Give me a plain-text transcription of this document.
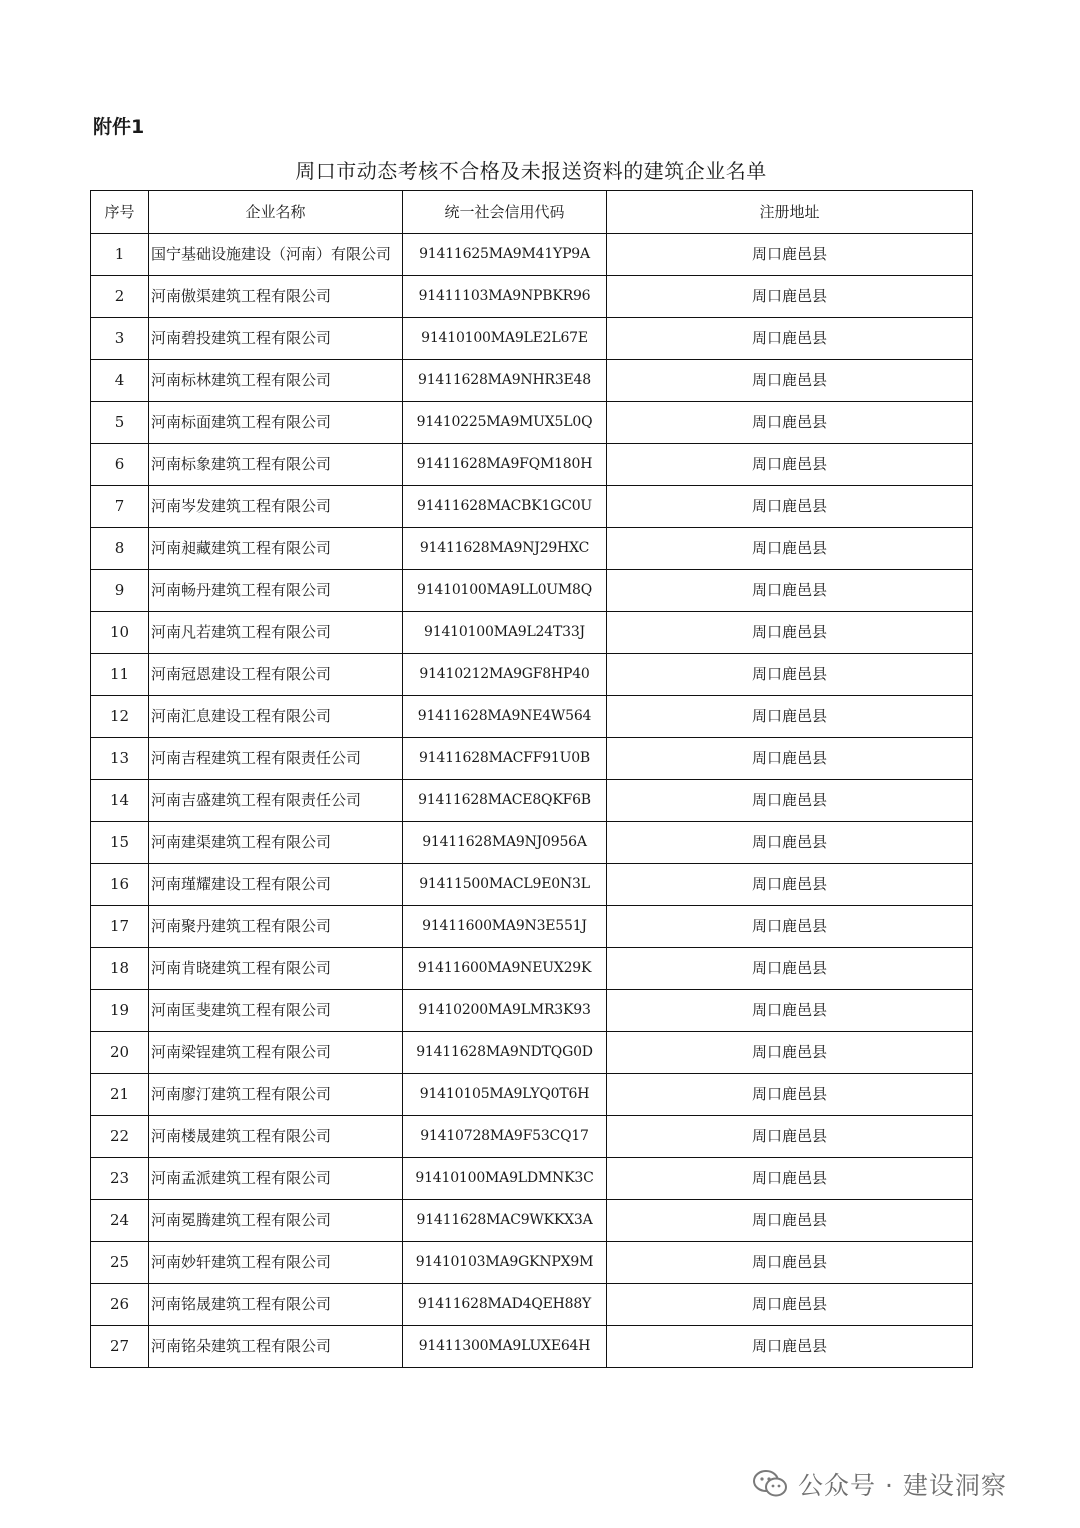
附件1
周口市动态考核不合格及未报送资料的建筑企业名单
序号	企业名称	统一社会信用代码	注册地址
1	国宁基础设施建设（河南）有限公司	91411625MA9M41YP9A	周口鹿邑县
2	河南傲渠建筑工程有限公司	91411103MA9NPBKR96	周口鹿邑县
3	河南碧投建筑工程有限公司	91410100MA9LE2L67E	周口鹿邑县
4	河南标林建筑工程有限公司	91411628MA9NHR3E48	周口鹿邑县
5	河南标面建筑工程有限公司	91410225MA9MUX5L0Q	周口鹿邑县
6	河南标象建筑工程有限公司	91411628MA9FQM180H	周口鹿邑县
7	河南岑发建筑工程有限公司	91411628MACBK1GC0U	周口鹿邑县
8	河南昶藏建筑工程有限公司	91411628MA9NJ29HXC	周口鹿邑县
9	河南畅丹建筑工程有限公司	91410100MA9LL0UM8Q	周口鹿邑县
10	河南凡若建筑工程有限公司	91410100MA9L24T33J	周口鹿邑县
11	河南冠恩建设工程有限公司	91410212MA9GF8HP40	周口鹿邑县
12	河南汇息建设工程有限公司	91411628MA9NE4W564	周口鹿邑县
13	河南吉程建筑工程有限责任公司	91411628MACFF91U0B	周口鹿邑县
14	河南吉盛建筑工程有限责任公司	91411628MACE8QKF6B	周口鹿邑县
15	河南建渠建筑工程有限公司	91411628MA9NJ0956A	周口鹿邑县
16	河南瑾耀建设工程有限公司	91411500MACL9E0N3L	周口鹿邑县
17	河南聚丹建筑工程有限公司	91411600MA9N3E551J	周口鹿邑县
18	河南肯晓建筑工程有限公司	91411600MA9NEUX29K	周口鹿邑县
19	河南匡斐建筑工程有限公司	91410200MA9LMR3K93	周口鹿邑县
20	河南梁锃建筑工程有限公司	91411628MA9NDTQG0D	周口鹿邑县
21	河南廖汀建筑工程有限公司	91410105MA9LYQ0T6H	周口鹿邑县
22	河南楼晟建筑工程有限公司	91410728MA9F53CQ17	周口鹿邑县
23	河南孟派建筑工程有限公司	91410100MA9LDMNK3C	周口鹿邑县
24	河南冕腾建筑工程有限公司	91411628MAC9WKKX3A	周口鹿邑县
25	河南妙轩建筑工程有限公司	91410103MA9GKNPX9M	周口鹿邑县
26	河南铭晟建筑工程有限公司	91411628MAD4QEH88Y	周口鹿邑县
27	河南铭朵建筑工程有限公司	91411300MA9LUXE64H	周口鹿邑县
公众号 · 建设洞察
